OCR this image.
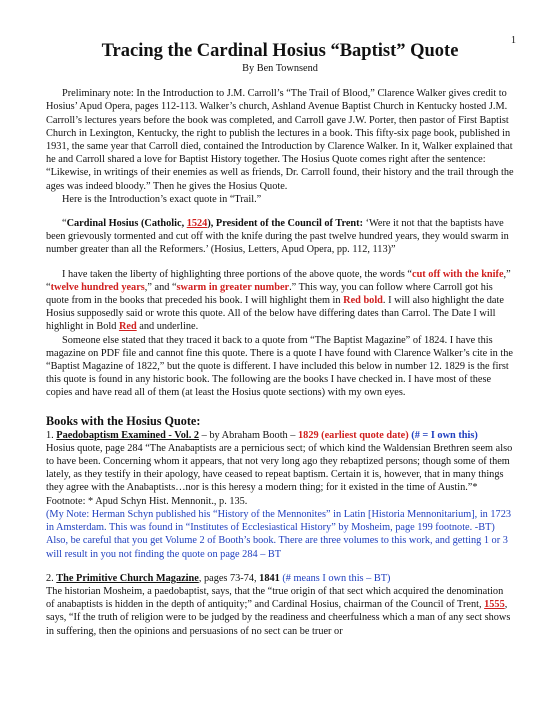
1
Tracing the Cardinal Hosius “Baptist” Quote
By Ben Townsend

Preliminary note: In the Introduction to J.M. Carroll’s “The Trail of Blood,” Clarence Walker gives credit to Hosius’ Apud Opera, pages 112-113. Walker’s church, Ashland Avenue Baptist Church in Kentucky hosted J.M. Carroll’s lectures years before the book was completed, and Carroll gave J.W. Porter, then pastor of First Baptist Church in Lexington, Kentucky, the right to publish the lectures in a book. This fifty-six page book, published in 1931, the same year that Carroll died, contained the Introduction by Clarence Walker. In it, Walker explained that he and Carroll shared a love for Baptist History together. The Hosius Quote comes right after the sentence: “Likewise, in writings of their enemies as well as friends, Dr. Carroll found, their history and the trail through the ages was indeed bloody.” Then he gives the Hosius Quote.

Here is the Introduction’s exact quote in “Trail.”

“Cardinal Hosius (Catholic, 1524), President of the Council of Trent: ‘Were it not that the baptists have been grievously tormented and cut off with the knife during the past twelve hundred years, they would swarm in number greater than all the Reformers.’ (Hosius, Letters, Apud Opera, pp. 112, 113)”

I have taken the liberty of highlighting three portions of the above quote, the words “cut off with the knife,” “twelve hundred years,” and “swarm in greater number.” This way, you can follow where Carroll got his quote from in the books that preceded his book. I will highlight them in Red bold. I will also highlight the date Hosius supposedly said or wrote this quote. All of the below have differing dates than Carrol. The Date I will highlight in Bold Red and underline.

Someone else stated that they traced it back to a quote from “The Baptist Magazine” of 1824. I have this magazine on PDF file and cannot fine this quote. There is a quote I have found with Clarence Walker’s cite in the “Baptist Magazine of 1822,” but the quote is different. I have included this below in number 12. 1829 is the first this quote is found in any historic book. The following are the books I have checked in. I have most of these copies and have read all of them (at least the Hosius quote sections) with my own eyes.

Books with the Hosius Quote:

1. Paedobaptism Examined - Vol. 2 – by Abraham Booth – 1829 (earliest quote date) (# = I own this)

Hosius quote, page 284 “The Anabaptists are a pernicious sect; of which kind the Waldensian Brethren seem also to have been. Concerning whom it appears, that not very long ago they rebaptized persons; though some of them lately, as they testify in their apology, have ceased to repeat baptism. Certain it is, however, that in many things they agree with the Anabaptists…nor is this heresy a modern thing; for it existed in the time of Austin.”*

Footnote: * Apud Schyn Hist. Mennonit., p. 135.

(My Note: Herman Schyn published his “History of the Mennonites” in Latin [Historia Mennonitarium], in 1723 in Amsterdam. This was found in “Institutes of Ecclesiastical History” by Mosheim, page 199 footnote. -BT)

Also, be careful that you get Volume 2 of Booth’s book. There are three volumes to this work, and getting 1 or 3 will result in you not finding the quote on page 284 – BT

2. The Primitive Church Magazine, pages 73-74, 1841 (# means I own this – BT)

The historian Mosheim, a paedobaptist, says, that the “true origin of that sect which acquired the denomination of anabaptists is hidden in the depth of antiquity;” and Cardinal Hosius, chairman of the Council of Trent, 1555, says, “If the truth of religion were to be judged by the readiness and cheerfulness which a man of any sect shows in suffering, then the opinions and persuasions of no sect can be truer or
